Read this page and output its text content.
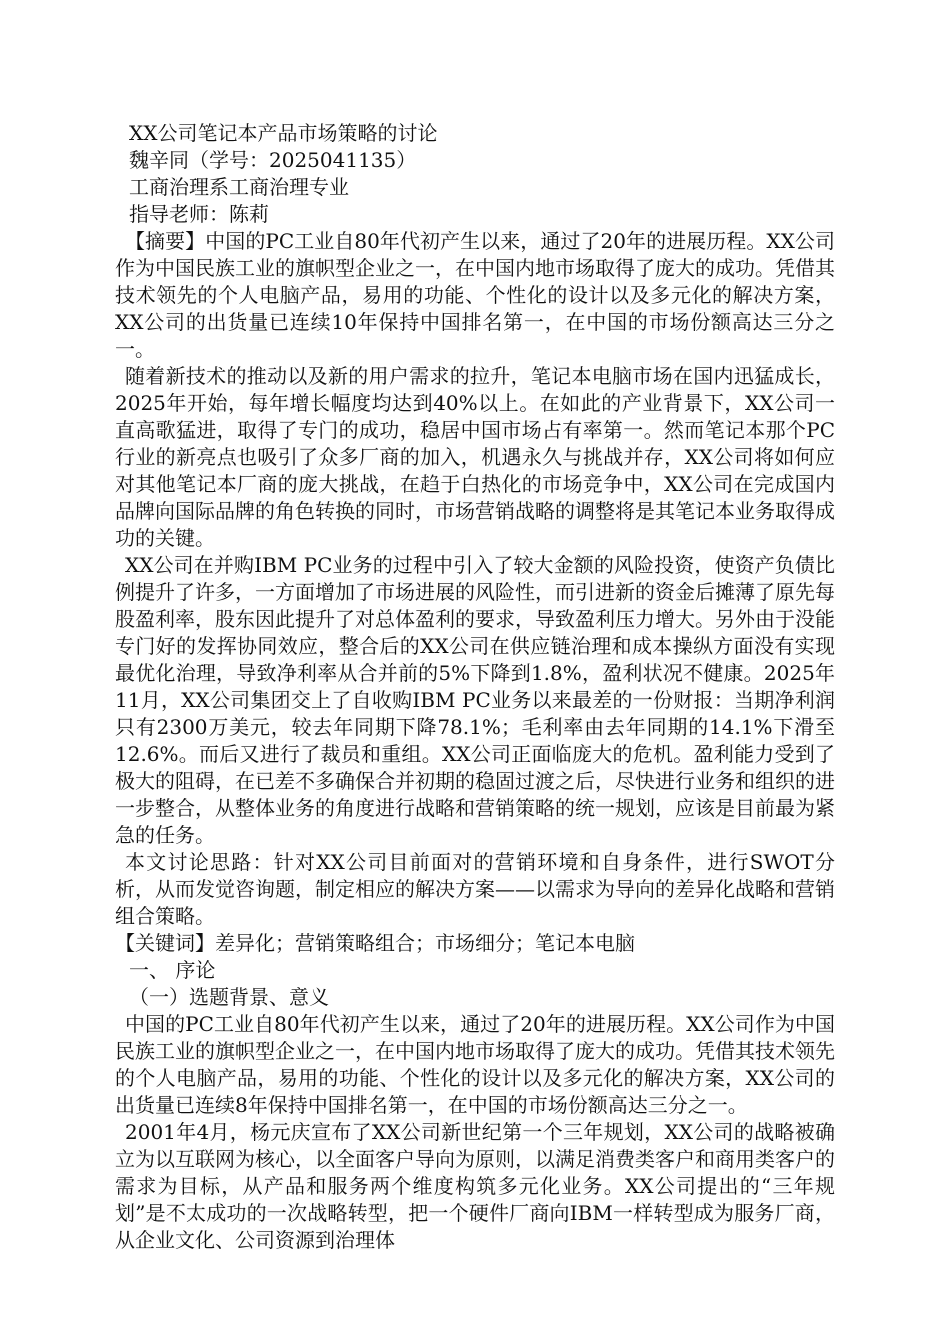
XX公司笔记本产品市场策略的讨论
魏辛同（学号：2025041135）
工商治理系工商治理专业
指导老师：陈莉

【摘要】中国的PC工业自80年代初产生以来，通过了20年的进展历程。XX公司作为中国民族工业的旗帜型企业之一，在中国内地市场取得了庞大的成功。凭借其技术领先的个人电脑产品，易用的功能、个性化的设计以及多元化的解决方案，XX公司的出货量已连续10年保持中国排名第一，在中国的市场份额高达三分之一。

随着新技术的推动以及新的用户需求的拉升，笔记本电脑市场在国内迅猛成长，2025年开始，每年增长幅度均达到40%以上。在如此的产业背景下，XX公司一直高歌猛进，取得了专门的成功，稳居中国市场占有率第一。然而笔记本那个PC行业的新亮点也吸引了众多厂商的加入，机遇永久与挑战并存，XX公司将如何应对其他笔记本厂商的庞大挑战，在趋于白热化的市场竞争中，XX公司在完成国内品牌向国际品牌的角色转换的同时，市场营销战略的调整将是其笔记本业务取得成功的关键。

XX公司在并购IBM PC业务的过程中引入了较大金额的风险投资，使资产负债比例提升了许多，一方面增加了市场进展的风险性，而引进新的资金后摊薄了原先每股盈利率，股东因此提升了对总体盈利的要求，导致盈利压力增大。另外由于没能专门好的发挥协同效应，整合后的XX公司在供应链治理和成本操纵方面没有实现最优化治理，导致净利率从合并前的5%下降到1.8%，盈利状况不健康。2025年11月，XX公司集团交上了自收购IBM PC业务以来最差的一份财报：当期净利润只有2300万美元，较去年同期下降78.1%；毛利率由去年同期的14.1%下滑至12.6%。而后又进行了裁员和重组。XX公司正面临庞大的危机。盈利能力受到了极大的阻碍，在已差不多确保合并初期的稳固过渡之后，尽快进行业务和组织的进一步整合，从整体业务的角度进行战略和营销策略的统一规划，应该是目前最为紧急的任务。

本文讨论思路：针对XX公司目前面对的营销环境和自身条件，进行SWOT分析，从而发觉咨询题，制定相应的解决方案——以需求为导向的差异化战略和营销组合策略。

【关键词】差异化；营销策略组合；市场细分；笔记本电脑
一、 序论
（一）选题背景、意义

中国的PC工业自80年代初产生以来，通过了20年的进展历程。XX公司作为中国民族工业的旗帜型企业之一，在中国内地市场取得了庞大的成功。凭借其技术领先的个人电脑产品，易用的功能、个性化的设计以及多元化的解决方案，XX公司的出货量已连续8年保持中国排名第一，在中国的市场份额高达三分之一。

2001年4月，杨元庆宣布了XX公司新世纪第一个三年规划，XX公司的战略被确立为以互联网为核心，以全面客户导向为原则，以满足消费类客户和商用类客户的需求为目标，从产品和服务两个维度构筑多元化业务。XX公司提出的“三年规划”是不太成功的一次战略转型，把一个硬件厂商向IBM一样转型成为服务厂商，从企业文化、公司资源到治理体
